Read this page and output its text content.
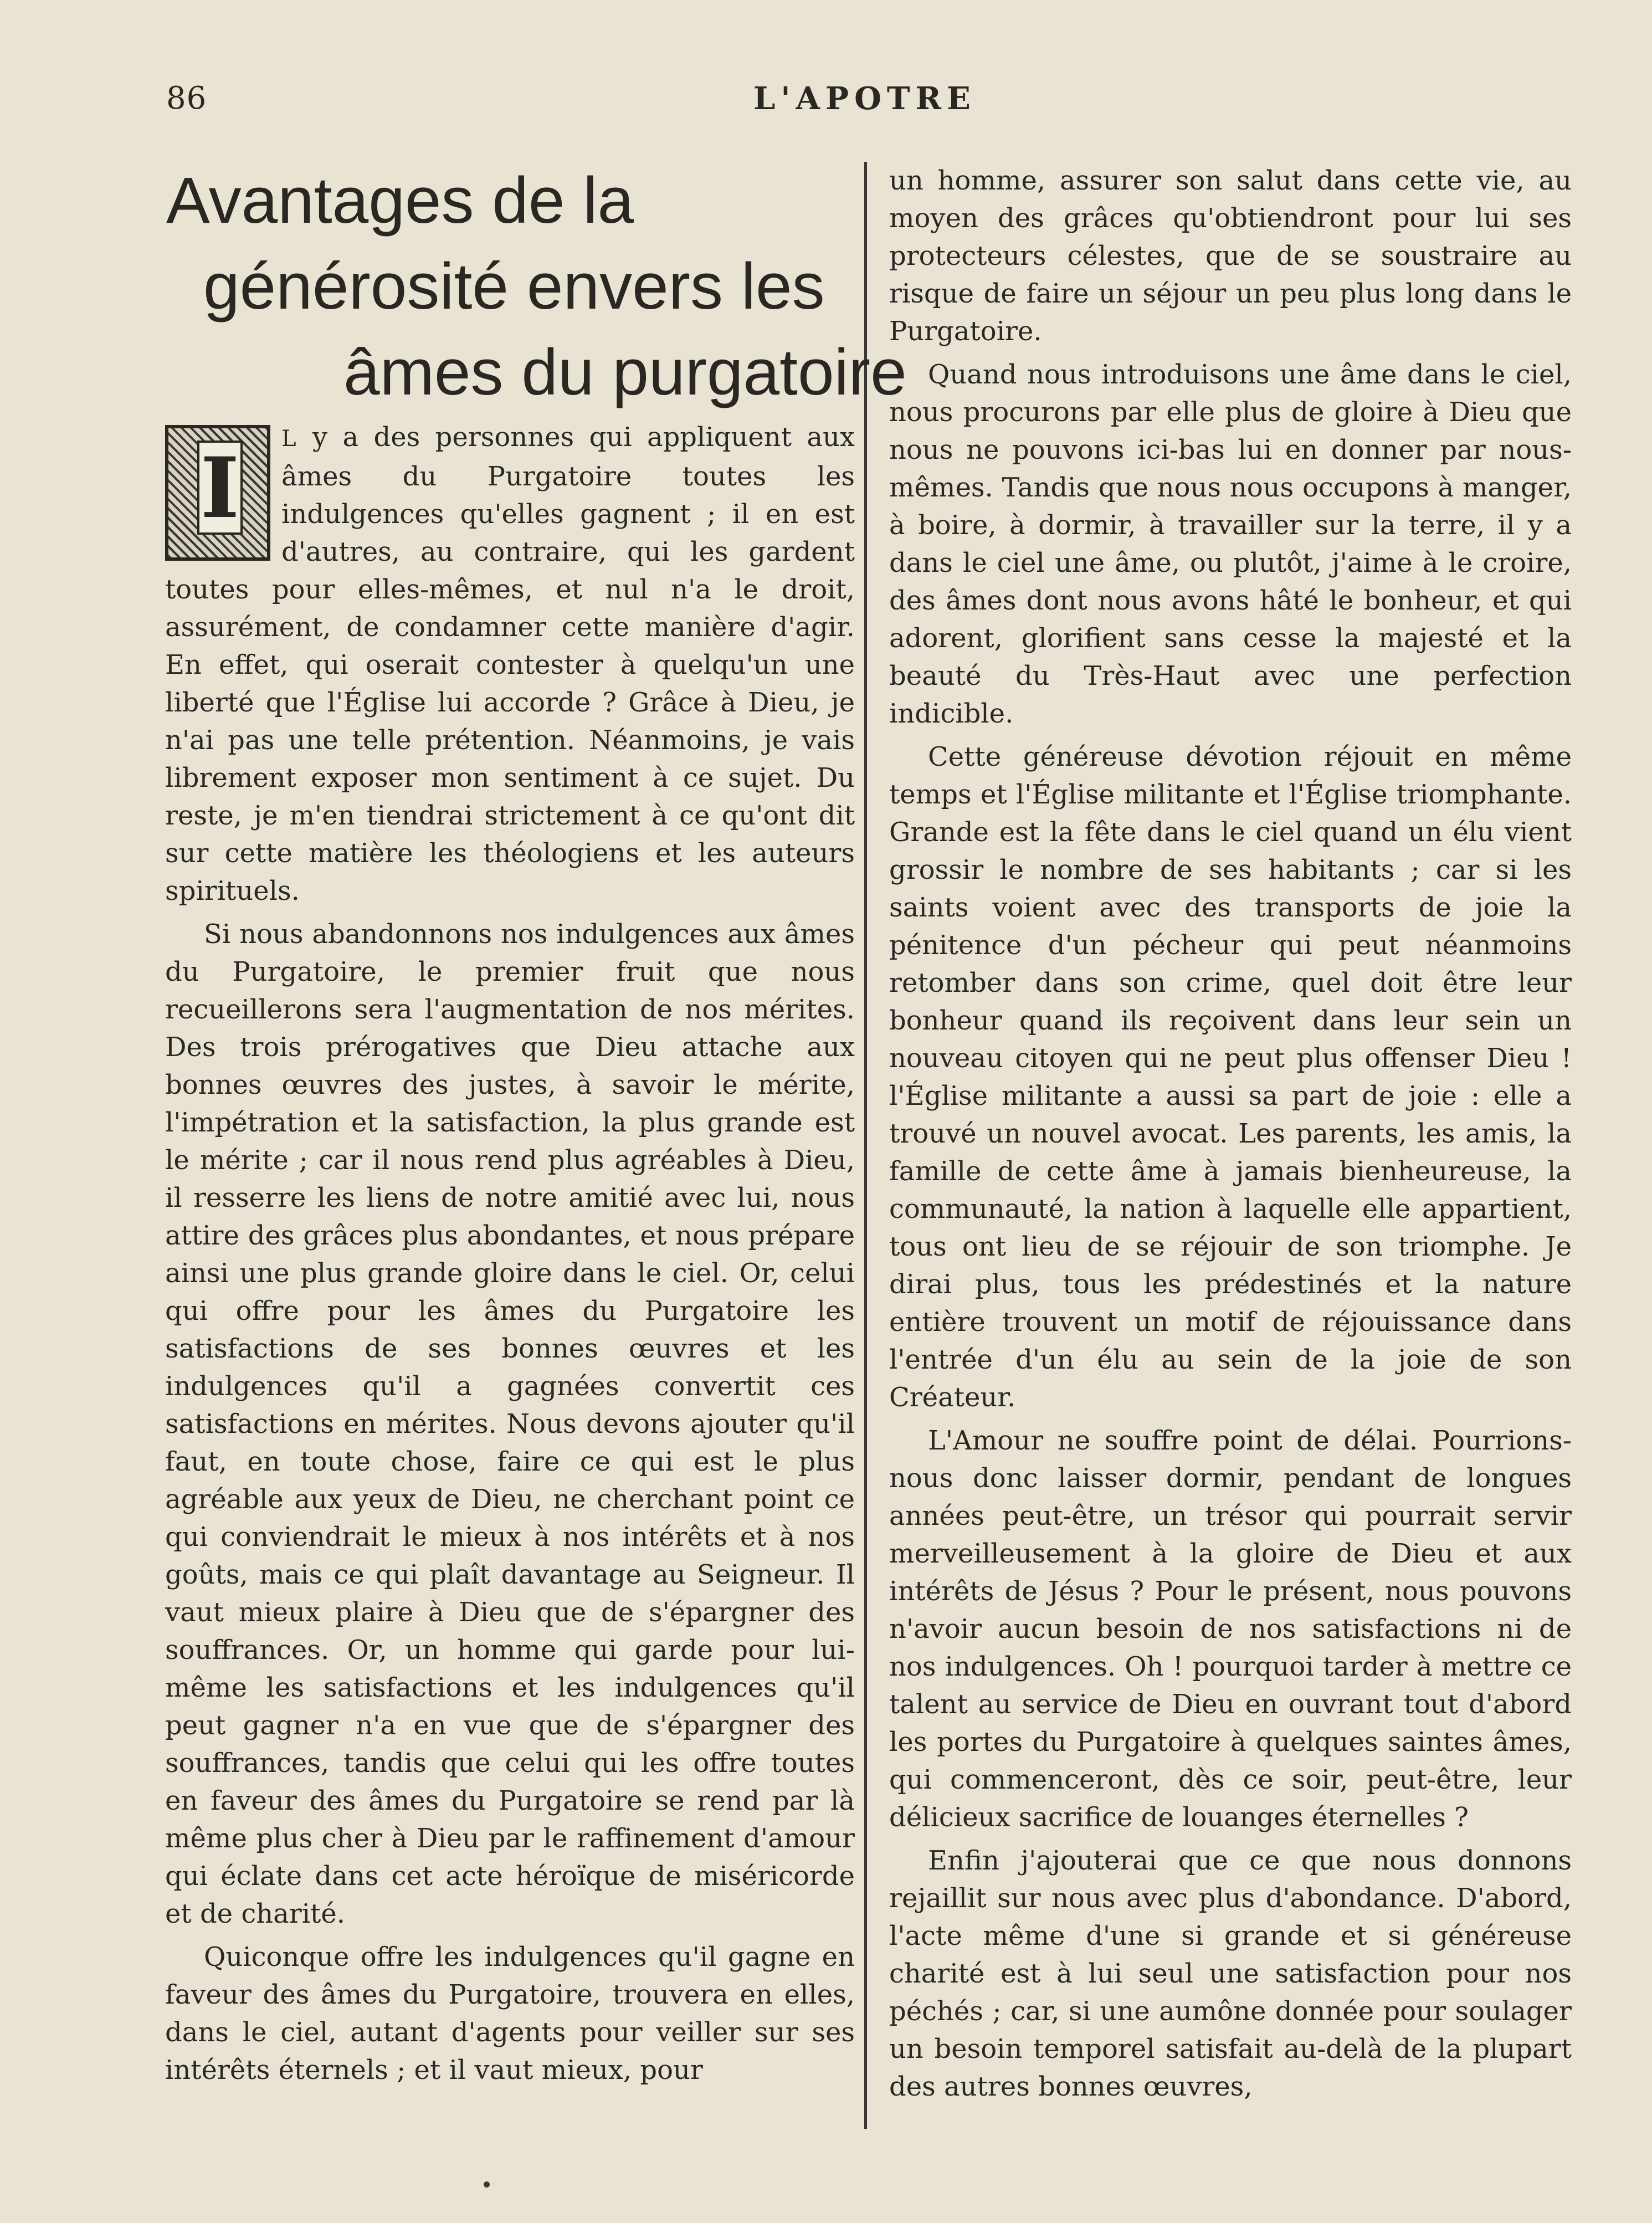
86	L'APOTRE
Avantages de la
générosité envers les
âmes du purgatoire

I
L y a des personnes qui appliquent aux âmes du Purgatoire toutes les indulgences qu'elles gagnent ; il en est d'autres, au contraire, qui les gardent toutes pour elles-mêmes, et nul n'a le droit, assurément, de condamner cette manière d'agir. En effet, qui oserait contester à quelqu'un une liberté que l'Église lui accorde ? Grâce à Dieu, je n'ai pas une telle prétention. Néanmoins, je vais librement exposer mon sentiment à ce sujet. Du reste, je m'en tiendrai strictement à ce qu'ont dit sur cette matière les théologiens et les auteurs spirituels.

Si nous abandonnons nos indulgences aux âmes du Purgatoire, le premier fruit que nous recueillerons sera l'augmentation de nos mérites. Des trois prérogatives que Dieu attache aux bonnes œuvres des justes, à savoir le mérite, l'impétration et la satisfaction, la plus grande est le mérite ; car il nous rend plus agréables à Dieu, il resserre les liens de notre amitié avec lui, nous attire des grâces plus abondantes, et nous prépare ainsi une plus grande gloire dans le ciel. Or, celui qui offre pour les âmes du Purgatoire les satisfactions de ses bonnes œuvres et les indulgences qu'il a gagnées convertit ces satisfactions en mérites. Nous devons ajouter qu'il faut, en toute chose, faire ce qui est le plus agréable aux yeux de Dieu, ne cherchant point ce qui conviendrait le mieux à nos intérêts et à nos goûts, mais ce qui plaît davantage au Seigneur. Il vaut mieux plaire à Dieu que de s'épargner des souffrances. Or, un homme qui garde pour lui-même les satisfactions et les indulgences qu'il peut gagner n'a en vue que de s'épargner des souffrances, tandis que celui qui les offre toutes en faveur des âmes du Purgatoire se rend par là même plus cher à Dieu par le raffinement d'amour qui éclate dans cet acte héroïque de miséricorde et de charité.

Quiconque offre les indulgences qu'il gagne en faveur des âmes du Purgatoire, trouvera en elles, dans le ciel, autant d'agents pour veiller sur ses intérêts éternels ; et il vaut mieux, pour

un homme, assurer son salut dans cette vie, au moyen des grâces qu'obtiendront pour lui ses protecteurs célestes, que de se soustraire au risque de faire un séjour un peu plus long dans le Purgatoire.

Quand nous introduisons une âme dans le ciel, nous procurons par elle plus de gloire à Dieu que nous ne pouvons ici-bas lui en donner par nous-mêmes. Tandis que nous nous occupons à manger, à boire, à dormir, à travailler sur la terre, il y a dans le ciel une âme, ou plutôt, j'aime à le croire, des âmes dont nous avons hâté le bonheur, et qui adorent, glorifient sans cesse la majesté et la beauté du Très-Haut avec une perfection indicible.

Cette généreuse dévotion réjouit en même temps et l'Église militante et l'Église triomphante. Grande est la fête dans le ciel quand un élu vient grossir le nombre de ses habitants ; car si les saints voient avec des transports de joie la pénitence d'un pécheur qui peut néanmoins retomber dans son crime, quel doit être leur bonheur quand ils reçoivent dans leur sein un nouveau citoyen qui ne peut plus offenser Dieu ! l'Église militante a aussi sa part de joie : elle a trouvé un nouvel avocat. Les parents, les amis, la famille de cette âme à jamais bienheureuse, la communauté, la nation à laquelle elle appartient, tous ont lieu de se réjouir de son triomphe. Je dirai plus, tous les prédestinés et la nature entière trouvent un motif de réjouissance dans l'entrée d'un élu au sein de la joie de son Créateur.

L'Amour ne souffre point de délai. Pourrions-nous donc laisser dormir, pendant de longues années peut-être, un trésor qui pourrait servir merveilleusement à la gloire de Dieu et aux intérêts de Jésus ? Pour le présent, nous pouvons n'avoir aucun besoin de nos satisfactions ni de nos indulgences. Oh ! pourquoi tarder à mettre ce talent au service de Dieu en ouvrant tout d'abord les portes du Purgatoire à quelques saintes âmes, qui commenceront, dès ce soir, peut-être, leur délicieux sacrifice de louanges éternelles ?

Enfin j'ajouterai que ce que nous donnons rejaillit sur nous avec plus d'abondance. D'abord, l'acte même d'une si grande et si généreuse charité est à lui seul une satisfaction pour nos péchés ; car, si une aumône donnée pour soulager un besoin temporel satisfait au-delà de la plupart des autres bonnes œuvres,
